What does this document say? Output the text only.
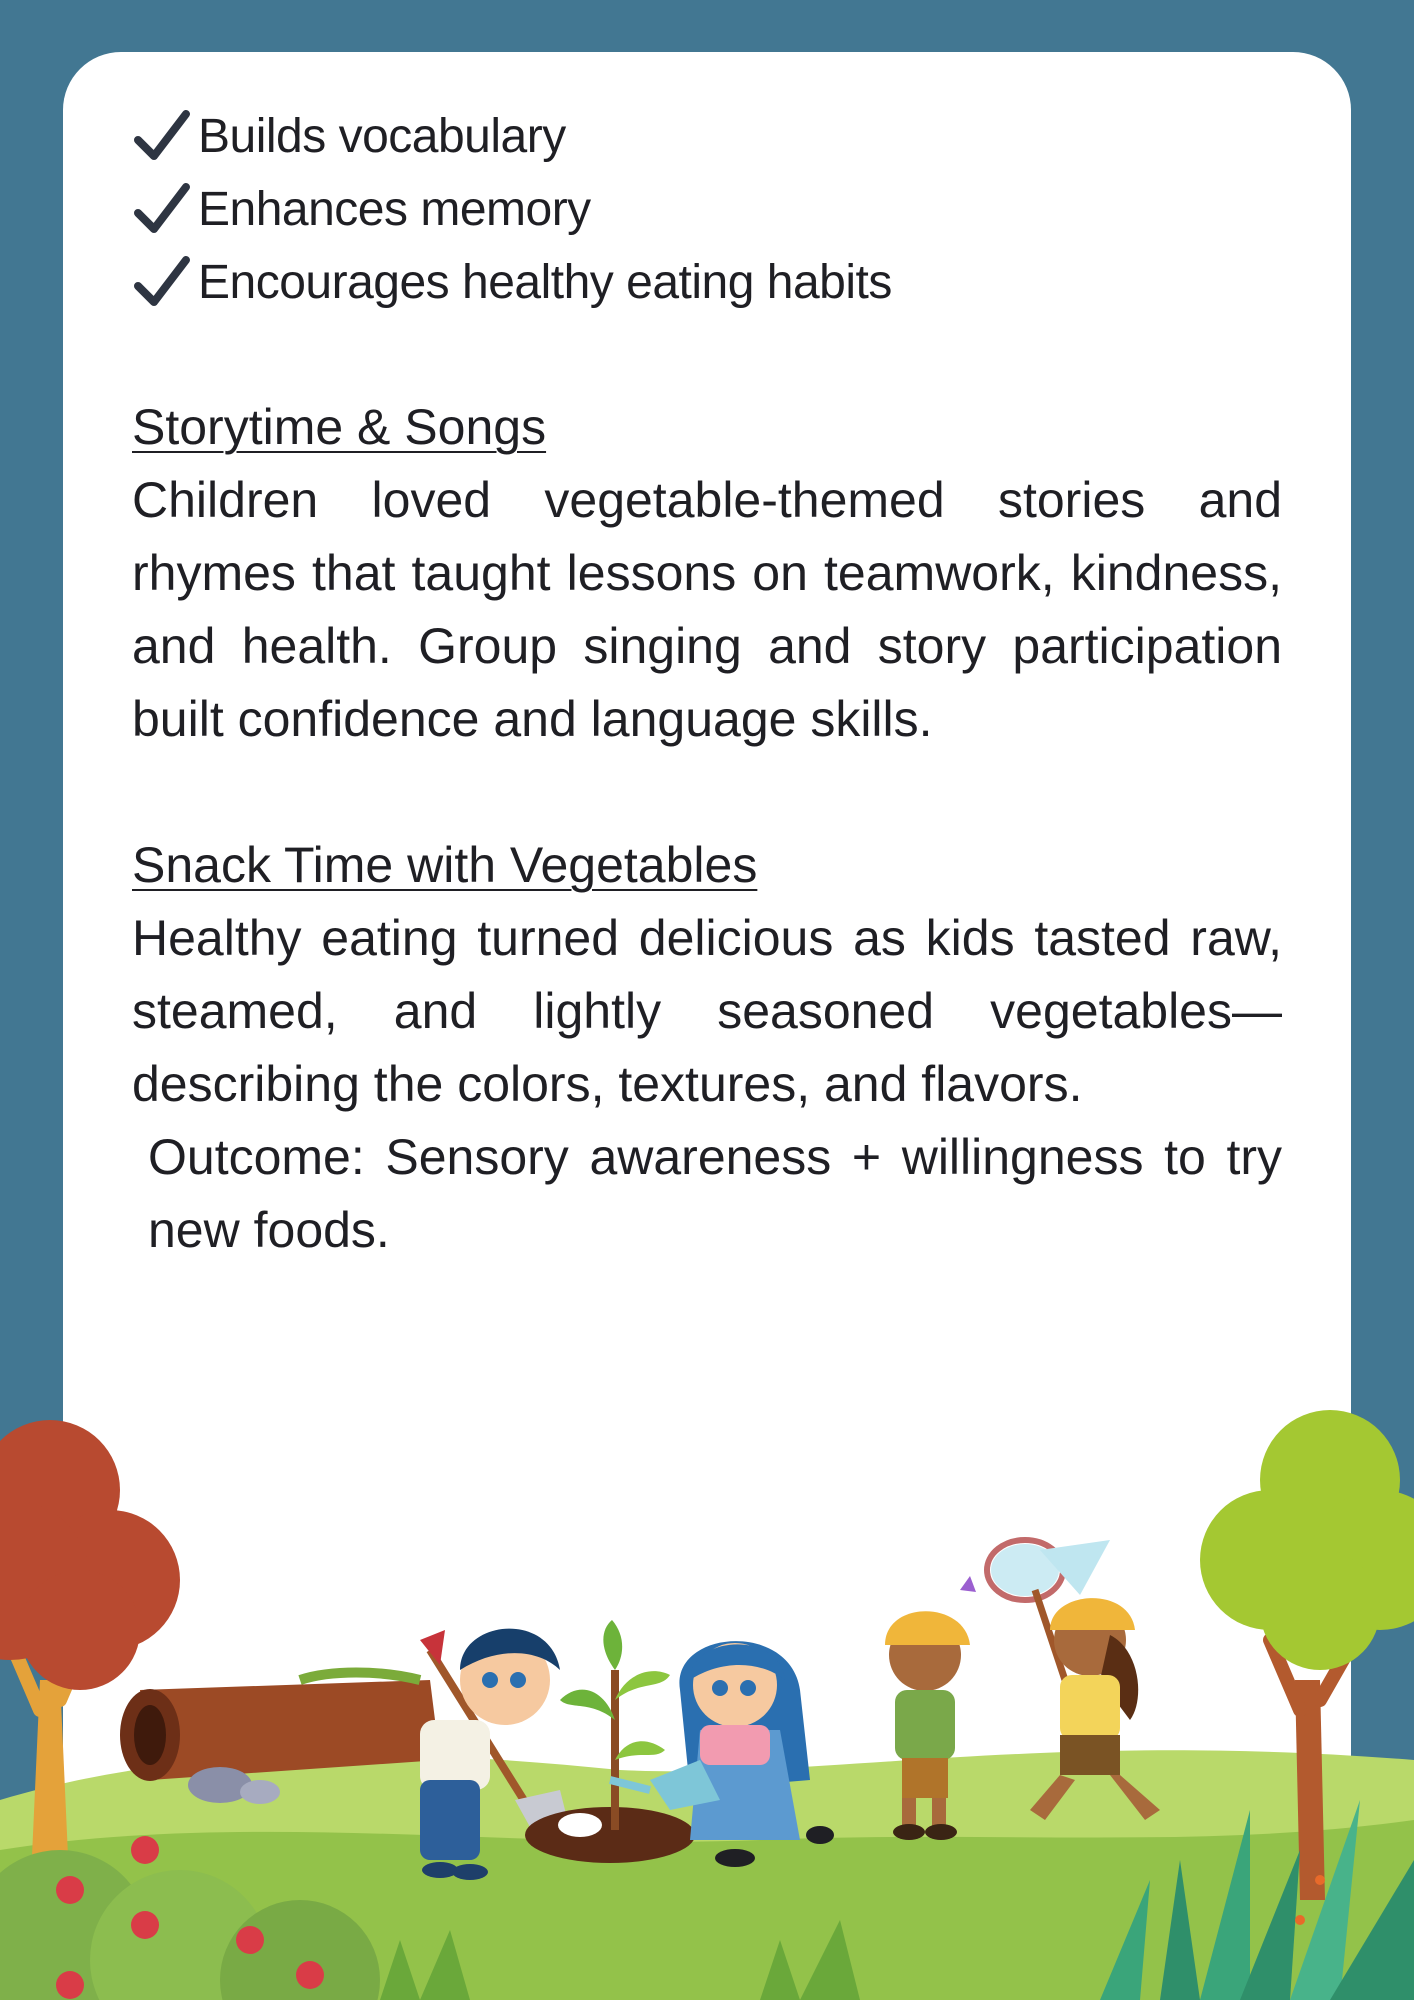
Builds vocabulary
Enhances memory
Encourages healthy eating habits
Storytime & Songs

Children loved vegetable-themed stories and rhymes that taught lessons on teamwork, kindness, and health. Group singing and story participation built confidence and language skills.

Snack Time with Vegetables

Healthy eating turned delicious as kids tasted raw, steamed, and lightly seasoned vegetables—describing the colors, textures, and flavors.

Outcome: Sensory awareness + willingness to try new foods.
